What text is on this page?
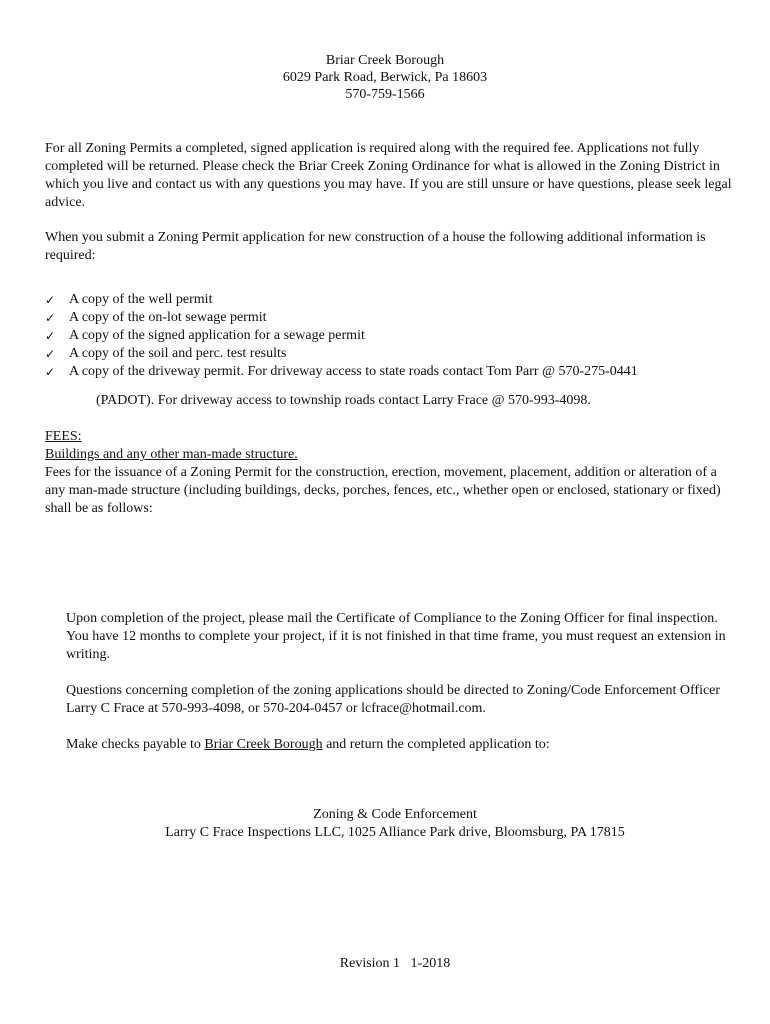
Briar Creek Borough
6029 Park Road, Berwick, Pa 18603
570-759-1566

For all Zoning Permits a completed, signed application is required along with the required fee. Applications not fully completed will be returned. Please check the Briar Creek Zoning Ordinance for what is allowed in the Zoning District in which you live and contact us with any questions you may have. If you are still unsure or have questions, please seek legal advice.

When you submit a Zoning Permit application for new construction of a house the following additional information is required:

✓ A copy of the well permit
✓ A copy of the on-lot sewage permit
✓ A copy of the signed application for a sewage permit
✓ A copy of the soil and perc. test results
✓ A copy of the driveway permit. For driveway access to state roads contact Tom Parr @ 570-275-0441
(PADOT). For driveway access to township roads contact Larry Frace @ 570-993-4098.
FEES:
Buildings and any other man-made structure.
Fees for the issuance of a Zoning Permit for the construction, erection, movement, placement, addition or alteration of a any man-made structure (including buildings, decks, porches, fences, etc., whether open or enclosed, stationary or fixed) shall be as follows:

Upon completion of the project, please mail the Certificate of Compliance to the Zoning Officer for final inspection. You have 12 months to complete your project, if it is not finished in that time frame, you must request an extension in writing.

Questions concerning completion of the zoning applications should be directed to Zoning/Code Enforcement Officer Larry C Frace at 570-993-4098, or 570-204-0457 or lcfrace@hotmail.com.

Make checks payable to Briar Creek Borough and return the completed application to:

Zoning & Code Enforcement
Larry C Frace Inspections LLC, 1025 Alliance Park drive, Bloomsburg, PA 17815
Revision 1   1-2018
